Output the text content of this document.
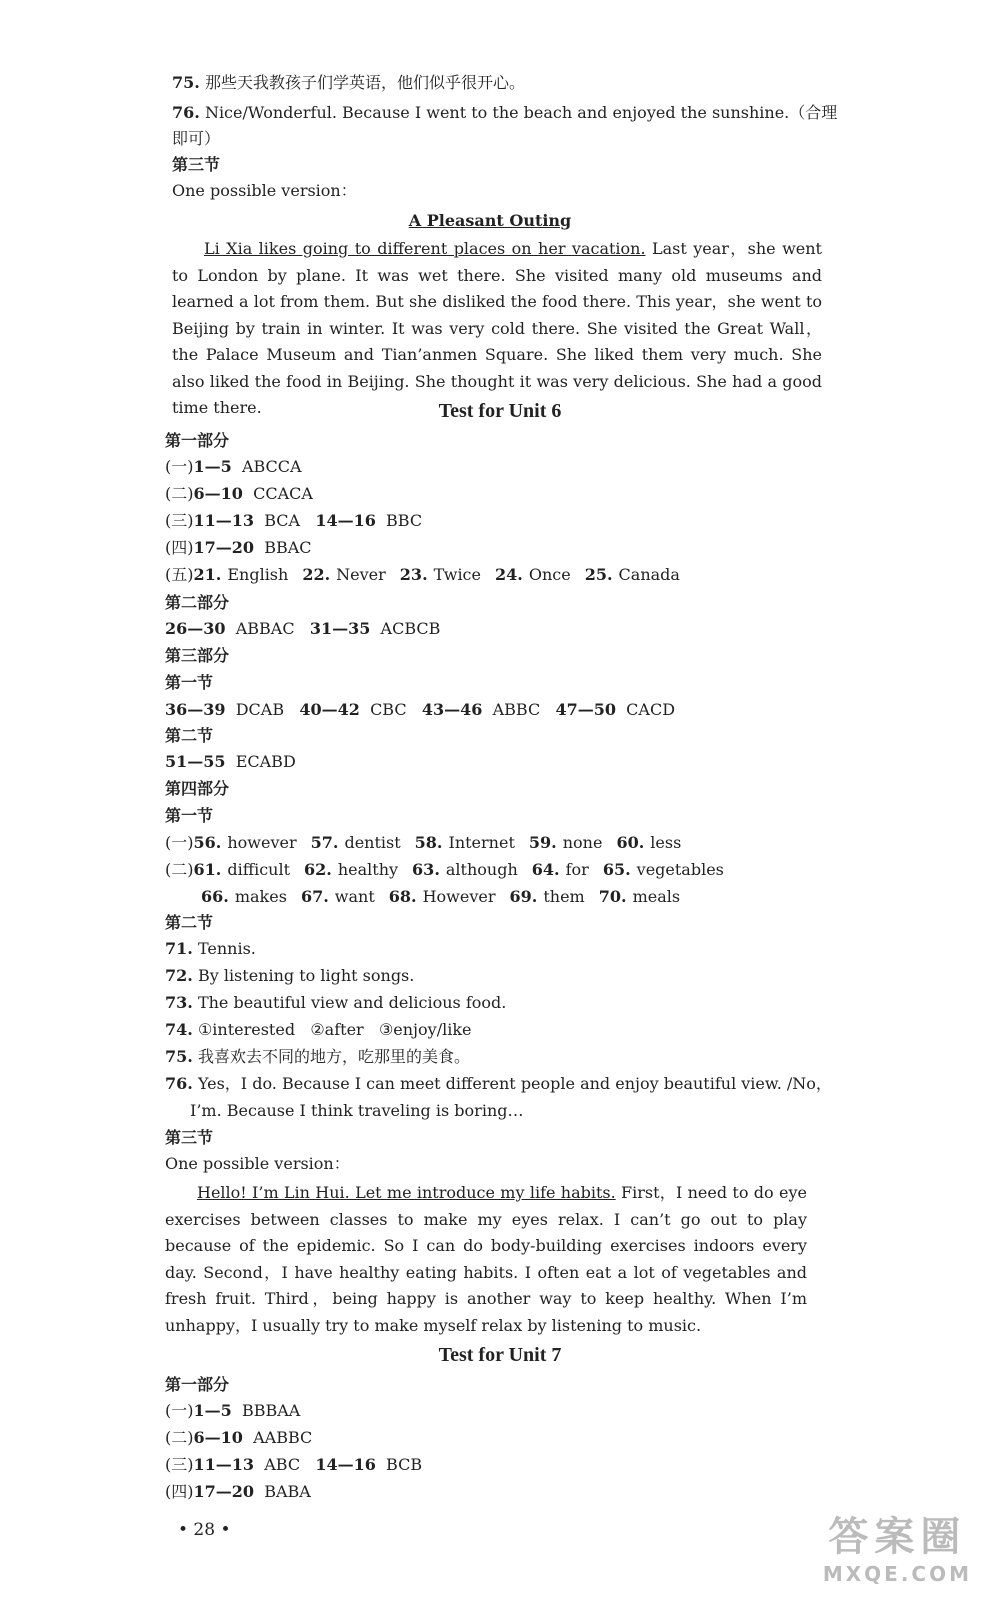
75. 那些天我教孩子们学英语，他们似乎很开心。
76. Nice/Wonderful. Because I went to the beach and enjoyed the sunshine.（合理
即可）
第三节
One possible version：
A Pleasant Outing
Li Xia likes going to different places on her vacation. Last year，she went to London by plane. It was wet there. She visited many old museums and learned a lot from them. But she disliked the food there. This year，she went to Beijing by train in winter. It was very cold there. She visited the Great Wall，the Palace Museum and Tian’anmen Square. She liked them very much. She also liked the food in Beijing. She thought it was very delicious. She had a good time there.	Test for Unit 6
第一部分
(一)1—5 ABCCA
(二)6—10 CCACA
(三)11—13 BCA 14—16 BBC
(四)17—20 BBAC
(五)21. English 22. Never 23. Twice 24. Once 25. Canada
第二部分
26—30 ABBAC 31—35 ACBCB
第三部分
第一节
36—39 DCAB 40—42 CBC 43—46 ABBC 47—50 CACD
第二节
51—55 ECABD
第四部分
第一节
(一)56. however 57. dentist 58. Internet 59. none 60. less
(二)61. difficult 62. healthy 63. although 64. for 65. vegetables
66. makes 67. want 68. However 69. them 70. meals
第二节
71. Tennis.
72. By listening to light songs.
73. The beautiful view and delicious food.
74. ①interested   ②after   ③enjoy/like
75. 我喜欢去不同的地方，吃那里的美食。
76. Yes，I do. Because I can meet different people and enjoy beautiful view. /No，
I’m. Because I think traveling is boring…
第三节
One possible version：
Hello! I’m Lin Hui. Let me introduce my life habits. First，I need to do eye exercises between classes to make my eyes relax. I can’t go out to play because of the epidemic. So I can do body-building exercises indoors every day. Second，I have healthy eating habits. I often eat a lot of vegetables and fresh fruit. Third，being happy is another way to keep healthy. When I’m unhappy，I usually try to make myself relax by listening to music.
Test for Unit 7
第一部分
(一)1—5 BBBAA
(二)6—10 AABBC
(三)11—13 ABC 14—16 BCB
(四)17—20 BABA
• 28 •	答案圈
MXQE.COM
